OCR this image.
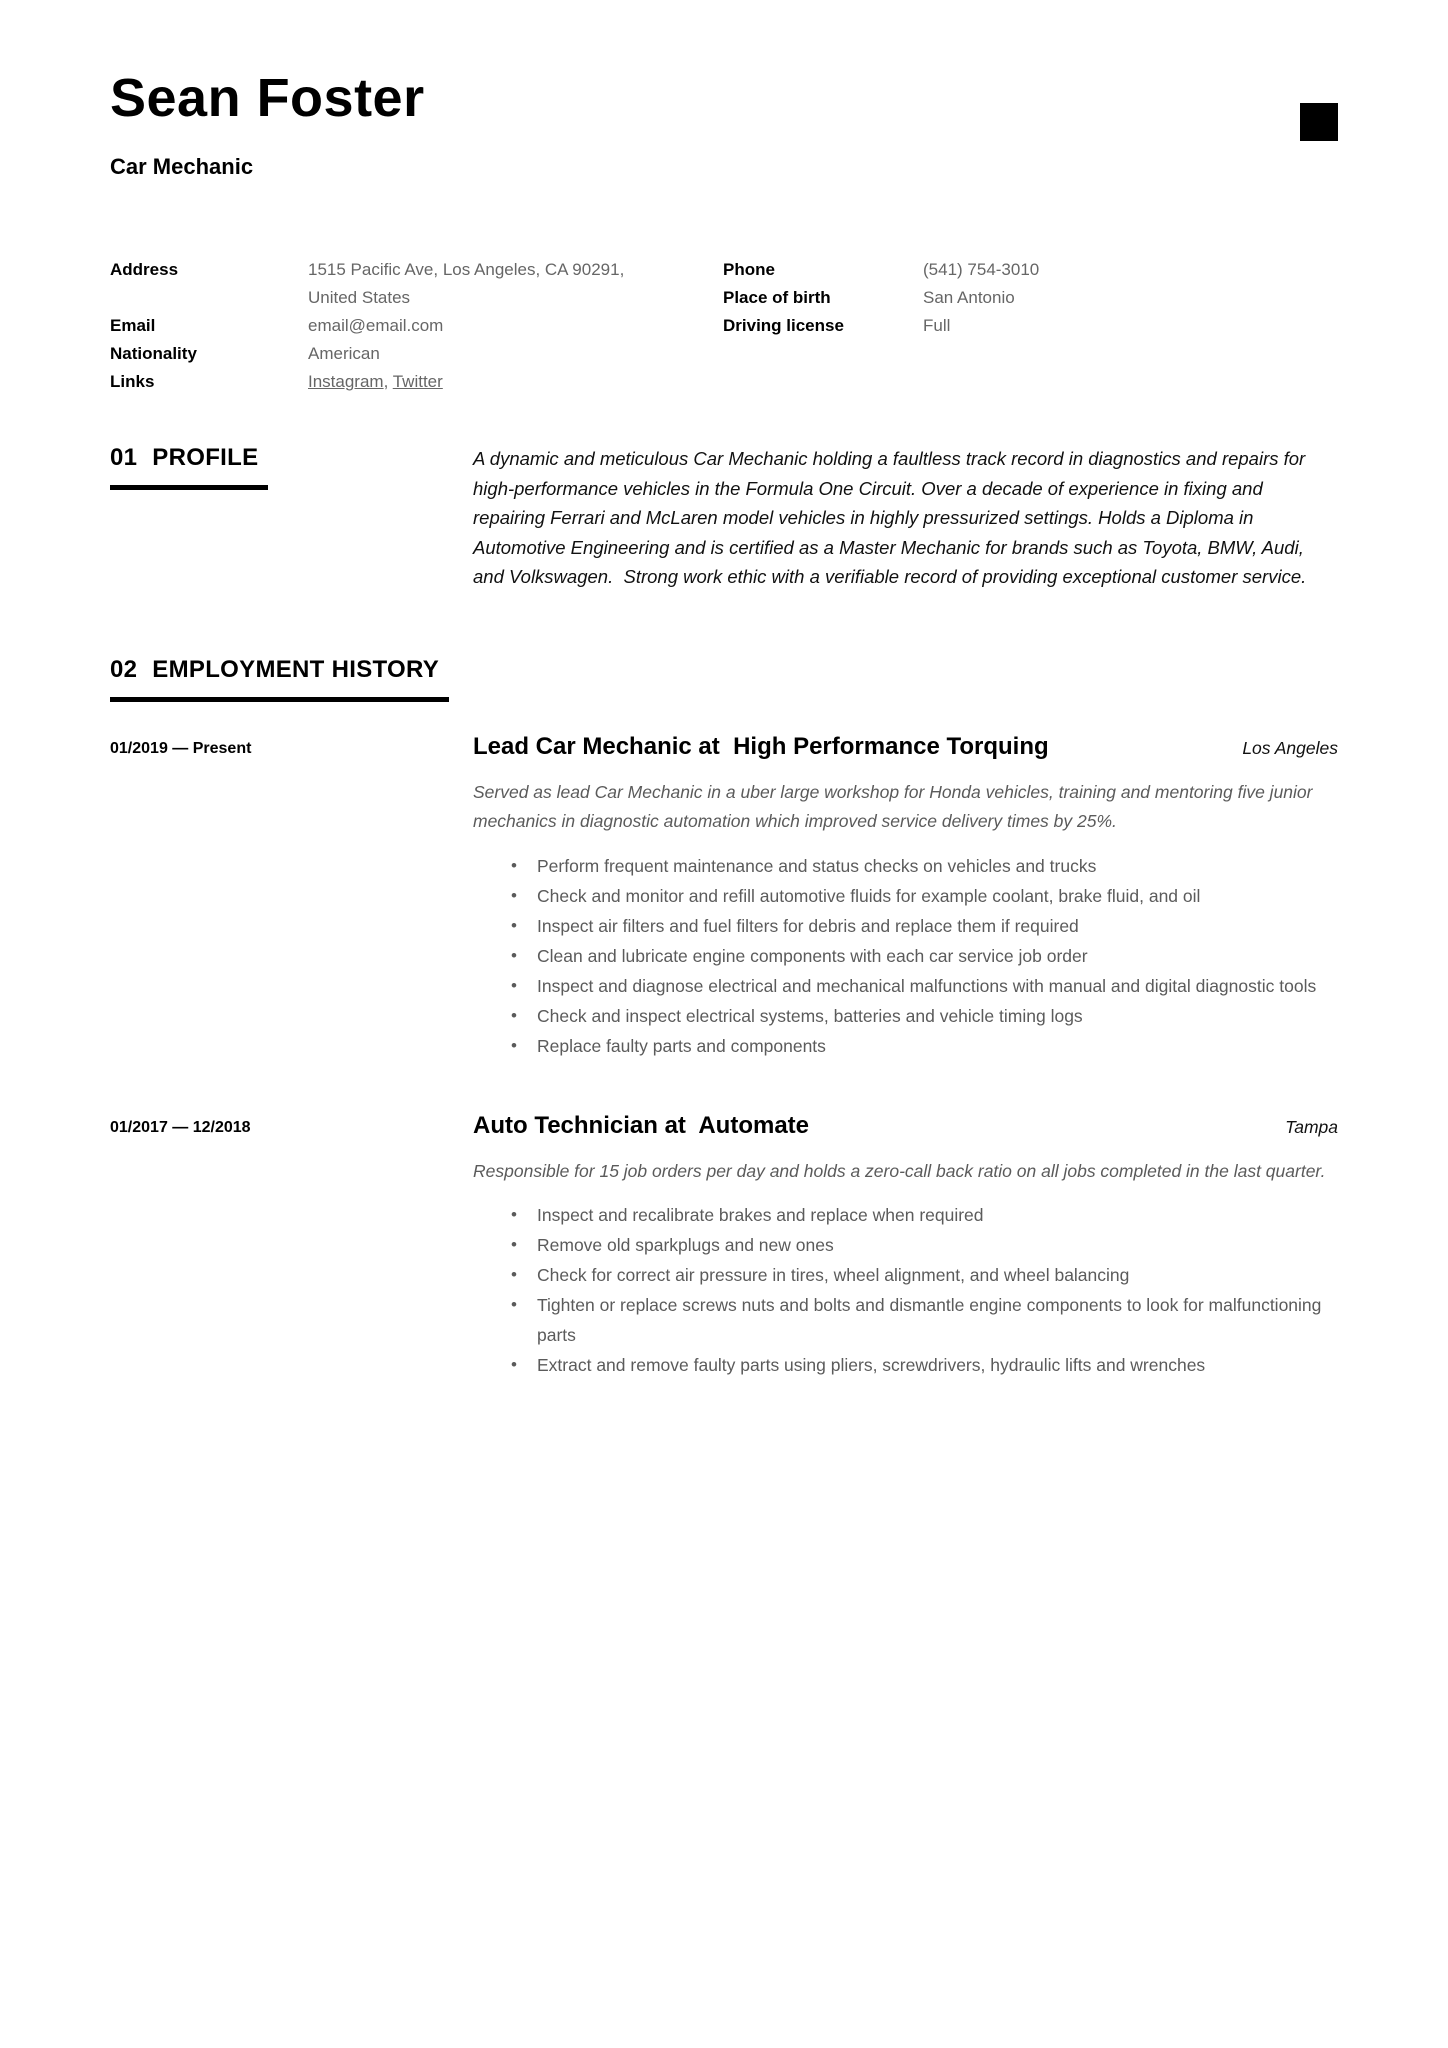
Sean Foster
Car Mechanic
Address	1515 Pacific Ave, Los Angeles, CA 90291, United States
Email	email@email.com
Nationality	American
Links	Instagram, Twitter
Phone	(541) 754-3010
Place of birth	San Antonio
Driving license	Full
01 PROFILE	A dynamic and meticulous Car Mechanic holding a faultless track record in diagnostics and repairs for high-performance vehicles in the Formula One Circuit. Over a decade of experience in fixing and repairing Ferrari and McLaren model vehicles in highly pressurized settings. Holds a Diploma in Automotive Engineering and is certified as a Master Mechanic for brands such as Toyota, BMW, Audi, and Volkswagen.  Strong work ethic with a verifiable record of providing exceptional customer service.

02 EMPLOYMENT HISTORY
01/2019 — Present	Lead Car Mechanic at  High Performance Torquing	Los Angeles

Served as lead Car Mechanic in a uber large workshop for Honda vehicles, training and mentoring five junior mechanics in diagnostic automation which improved service delivery times by 25%.

• Perform frequent maintenance and status checks on vehicles and trucks
• Check and monitor and refill automotive fluids for example coolant, brake fluid, and oil
• Inspect air filters and fuel filters for debris and replace them if required
• Clean and lubricate engine components with each car service job order
• Inspect and diagnose electrical and mechanical malfunctions with manual and digital diagnostic tools
• Check and inspect electrical systems, batteries and vehicle timing logs
• Replace faulty parts and components
01/2017 — 12/2018	Auto Technician at  Automate	Tampa

Responsible for 15 job orders per day and holds a zero-call back ratio on all jobs completed in the last quarter.

• Inspect and recalibrate brakes and replace when required
• Remove old sparkplugs and new ones
• Check for correct air pressure in tires, wheel alignment, and wheel balancing
• Tighten or replace screws nuts and bolts and dismantle engine components to look for malfunctioning parts
• Extract and remove faulty parts using pliers, screwdrivers, hydraulic lifts and wrenches
